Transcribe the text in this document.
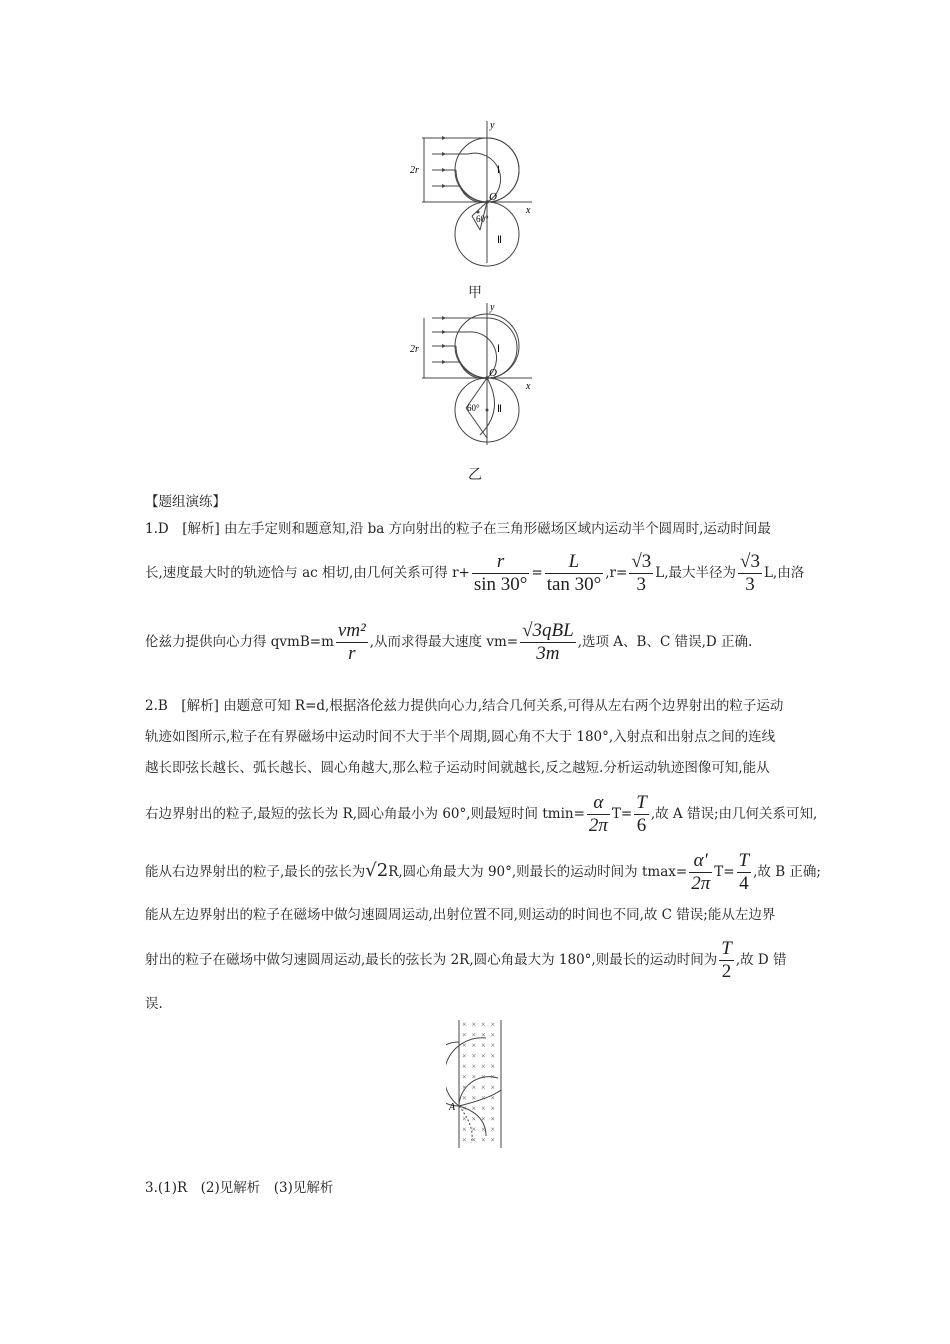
y
x
2r
O
Ⅰ
Ⅱ
60°
甲
y
x
2r
O
Ⅰ
Ⅱ
60°
乙
【题组演练】
1.D　[解析] 由左手定则和题意知,沿 ba 方向射出的粒子在三角形磁场区域内运动半个圆周时,运动时间最
长,速度最大时的轨迹恰与 ac 相切,由几何关系可得 $r+ \frac{r}{\sin 30^\circ} = \frac{L}{\tan 30^\circ} ,r= \frac{√3}{3} L$,最大半径为 $\frac{√3}{3} L$,由洛
伦兹力提供向心力得 qvmB=m $\frac{\text{vm²}}{r}$ ,从而求得最大速度 $vm= \frac{\text{√3qBL}}{3m}$ ,选项 A、B、C 错误,D 正确.
2.B　[解析] 由题意可知 R=d,根据洛伦兹力提供向心力,结合几何关系,可得从左右两个边界射出的粒子运动
轨迹如图所示,粒子在有界磁场中运动时间不大于半个周期,圆心角不大于 180°,入射点和出射点之间的连线
越长即弦长越长、弧长越长、圆心角越大,那么粒子运动时间就越长,反之越短.分析运动轨迹图像可知,能从
右边界射出的粒子,最短的弦长为 R,圆心角最小为 60°,则最短时间 $tmin= \frac{\alpha}{2\pi} T= \frac{T}{6}$ ,故 A 错误;由几何关系可知,
能从右边界射出的粒子,最长的弦长为√2R,圆心角最大为 90°,则最长的运动时间为 $tmax= \frac{\alpha'}{2\pi} T= \frac{T}{4}$ ,故 B 正确;
能从左边界射出的粒子在磁场中做匀速圆周运动,出射位置不同,则运动的时间也不同,故 C 错误;能从左边界
射出的粒子在磁场中做匀速圆周运动,最长的弦长为 2R,圆心角最大为 180°,则最长的运动时间为 $\frac{T}{2}$ ,故 D 错
误.
× × × ×
× × × ×
× × × ×
× × × ×
× × × ×
× × × ×
× × × ×
× × × ×
× × × ×
× × × ×
× × × ×
× × × ×
A
3.(1)R　(2)见解析　(3)见解析
